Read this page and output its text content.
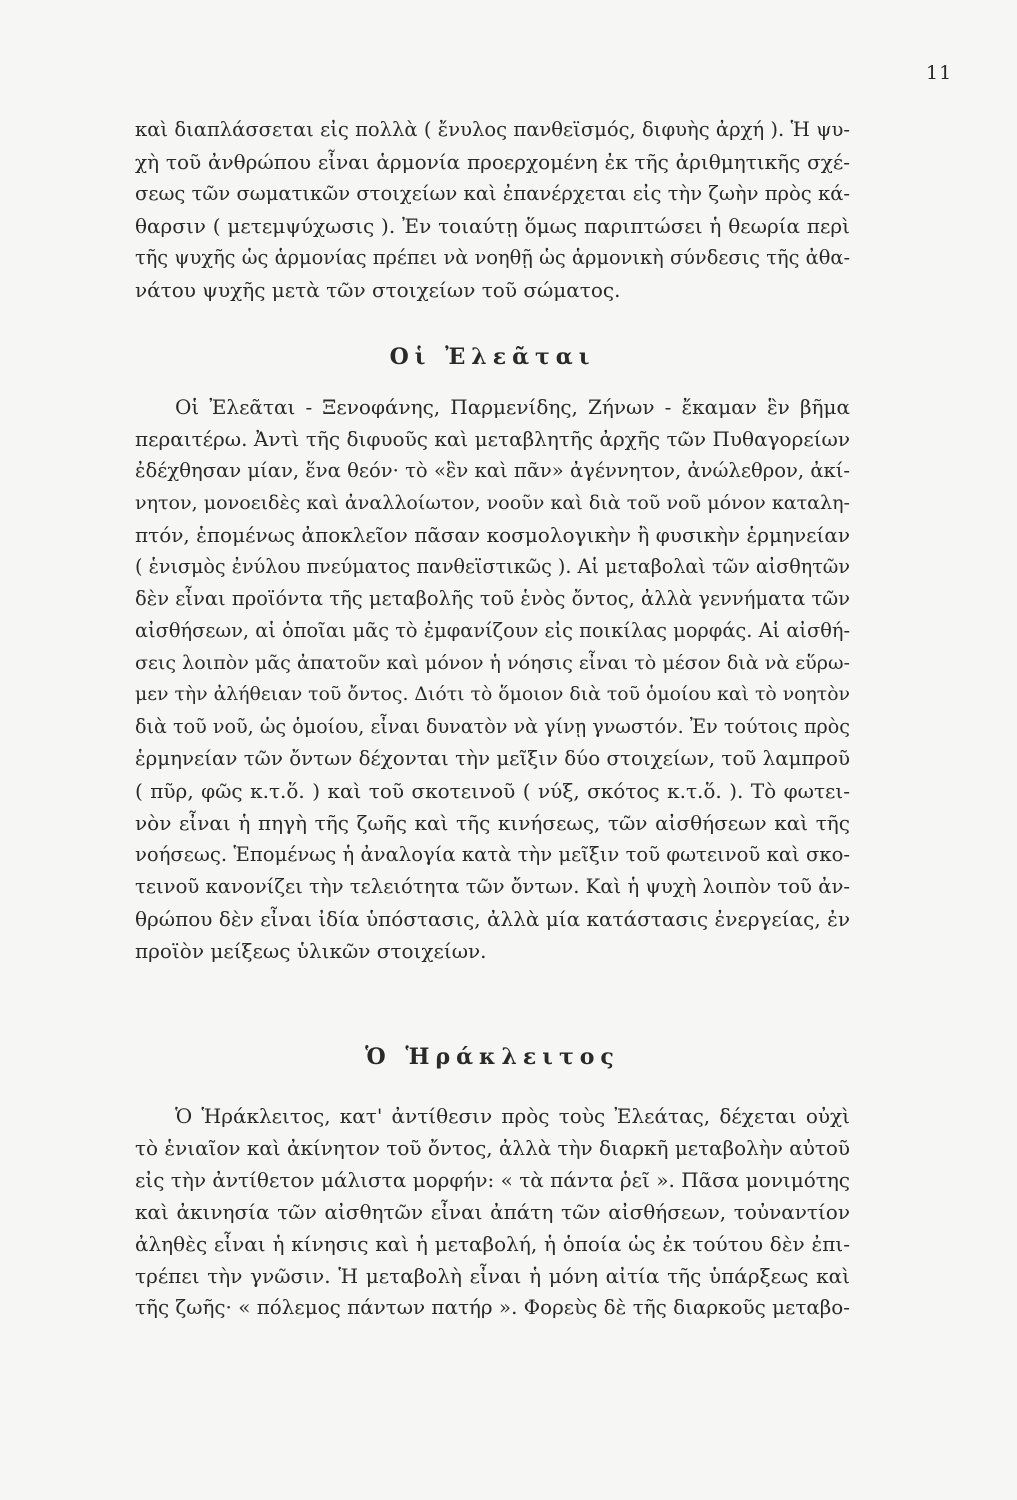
11
καὶ διαπλάσσεται εἰς πολλὰ ( ἔνυλος πανθεϊσμός, διφυὴς ἀρχή ). Ἡ ψυ-
χὴ τοῦ ἀνθρώπου εἶναι ἁρμονία προερχομένη ἐκ τῆς ἀριθμητικῆς σχέ-
σεως τῶν σωματικῶν στοιχείων καὶ ἐπανέρχεται εἰς τὴν ζωὴν πρὸς κά-
θαρσιν ( μετεμψύχωσις ). Ἐν τοιαύτῃ ὅμως παριπτώσει ἡ θεωρία περὶ
τῆς ψυχῆς ὡς ἁρμονίας πρέπει νὰ νοηθῇ ὡς ἁρμονικὴ σύνδεσις τῆς ἀθα-
νάτου ψυχῆς μετὰ τῶν στοιχείων τοῦ σώματος.
Οἱ Ἐλεᾶται
Οἱ Ἐλεᾶται - Ξενοφάνης, Παρμενίδης, Ζήνων - ἔκαμαν ἓν βῆμα
περαιτέρω. Ἀντὶ τῆς διφυοῦς καὶ μεταβλητῆς ἀρχῆς τῶν Πυθαγορείων
ἐδέχθησαν μίαν, ἕνα θεόν· τὸ «ἓν καὶ πᾶν» ἀγέννητον, ἀνώλεθρον, ἀκί-
νητον, μονοειδὲς καὶ ἀναλλοίωτον, νοοῦν καὶ διὰ τοῦ νοῦ μόνον καταλη-
πτόν, ἑπομένως ἀποκλεῖον πᾶσαν κοσμολογικὴν ἢ φυσικὴν ἑρμηνείαν
( ἑνισμὸς ἐνύλου πνεύματος πανθεϊστικῶς ). Αἱ μεταβολαὶ τῶν αἰσθητῶν
δὲν εἶναι προϊόντα τῆς μεταβολῆς τοῦ ἑνὸς ὄντος, ἀλλὰ γεννήματα τῶν
αἰσθήσεων, αἱ ὁποῖαι μᾶς τὸ ἐμφανίζουν εἰς ποικίλας μορφάς. Αἱ αἰσθή-
σεις λοιπὸν μᾶς ἀπατοῦν καὶ μόνον ἡ νόησις εἶναι τὸ μέσον διὰ νὰ εὕρω-
μεν τὴν ἀλήθειαν τοῦ ὄντος. Διότι τὸ ὅμοιον διὰ τοῦ ὁμοίου καὶ τὸ νοητὸν
διὰ τοῦ νοῦ, ὡς ὁμοίου, εἶναι δυνατὸν νὰ γίνῃ γνωστόν. Ἐν τούτοις πρὸς
ἑρμηνείαν τῶν ὄντων δέχονται τὴν μεῖξιν δύο στοιχείων, τοῦ λαμπροῦ
( πῦρ, φῶς κ.τ.ὅ. ) καὶ τοῦ σκοτεινοῦ ( νύξ, σκότος κ.τ.ὅ. ). Τὸ φωτει-
νὸν εἶναι ἡ πηγὴ τῆς ζωῆς καὶ τῆς κινήσεως, τῶν αἰσθήσεων καὶ τῆς
νοήσεως. Ἑπομένως ἡ ἀναλογία κατὰ τὴν μεῖξιν τοῦ φωτεινοῦ καὶ σκο-
τεινοῦ κανονίζει τὴν τελειότητα τῶν ὄντων. Καὶ ἡ ψυχὴ λοιπὸν τοῦ ἀν-
θρώπου δὲν εἶναι ἰδία ὑπόστασις, ἀλλὰ μία κατάστασις ἐνεργείας, ἐν
προϊὸν μείξεως ὑλικῶν στοιχείων.
Ὁ Ἡράκλειτος
Ὁ Ἡράκλειτος, κατ' ἀντίθεσιν πρὸς τοὺς Ἐλεάτας, δέχεται οὐχὶ
τὸ ἑνιαῖον καὶ ἀκίνητον τοῦ ὄντος, ἀλλὰ τὴν διαρκῆ μεταβολὴν αὐτοῦ
εἰς τὴν ἀντίθετον μάλιστα μορφήν: « τὰ πάντα ῥεῖ ». Πᾶσα μονιμότης
καὶ ἀκινησία τῶν αἰσθητῶν εἶναι ἀπάτη τῶν αἰσθήσεων, τοὐναντίον
ἀληθὲς εἶναι ἡ κίνησις καὶ ἡ μεταβολή, ἡ ὁποία ὡς ἐκ τούτου δὲν ἐπι-
τρέπει τὴν γνῶσιν. Ἡ μεταβολὴ εἶναι ἡ μόνη αἰτία τῆς ὑπάρξεως καὶ
τῆς ζωῆς· « πόλεμος πάντων πατήρ ». Φορεὺς δὲ τῆς διαρκοῦς μεταβο-
